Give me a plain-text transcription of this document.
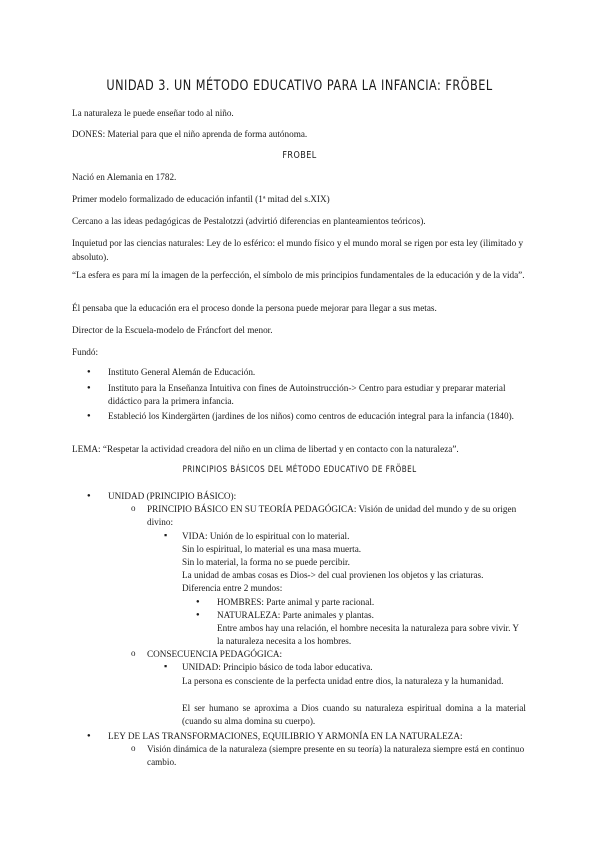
UNIDAD 3. UN MÉTODO EDUCATIVO PARA LA INFANCIA: FRÖBEL

La naturaleza le puede enseñar todo al niño.

DONES: Material para que el niño aprenda de forma autónoma.

FRÖBEL

Nació en Alemania en 1782.

Primer modelo formalizado de educación infantil (1ª mitad del s.XIX)

Cercano a las ideas pedagógicas de Pestalotzzi (advirtió diferencias en planteamientos teóricos).

Inquietud por las ciencias naturales: Ley de lo esférico: el mundo físico y el mundo moral se rigen por esta ley (ilimitado y absoluto).

“La esfera es para mí la imagen de la perfección, el símbolo de mis principios fundamentales de la educación y de la vida”.

Él pensaba que la educación era el proceso donde la persona puede mejorar para llegar a sus metas.

Director de la Escuela-modelo de Fráncfort del menor.

Fundó:

● Instituto General Alemán de Educación.

● Instituto para la Enseñanza Intuitiva con fines de Autoinstrucción-> Centro para estudiar y preparar material didáctico para la primera infancia.

● Estableció los Kindergärten (jardines de los niños) como centros de educación integral para la infancia (1840).

LEMA: “Respetar la actividad creadora del niño en un clima de libertad y en contacto con la naturaleza”.

PRINCIPIOS BÁSICOS DEL MÉTODO EDUCATIVO DE FRÖBEL

● UNIDAD (PRINCIPIO BÁSICO):

o PRINCIPIO BÁSICO EN SU TEORÍA PEDAGÓGICA: Visión de unidad del mundo y de su origen divino:

▪ VIDA: Unión de lo espiritual con lo material.

Sin lo espiritual, lo material es una masa muerta.

Sin lo material, la forma no se puede percibir.

La unidad de ambas cosas es Dios-> del cual provienen los objetos y las criaturas.

Diferencia entre 2 mundos:

● HOMBRES: Parte animal y parte racional.

● NATURALEZA: Parte animales y plantas.

Entre ambos hay una relación, el hombre necesita la naturaleza para sobre vivir. Y la naturaleza necesita a los hombres.

o CONSECUENCIA PEDAGÓGICA:

▪ UNIDAD: Principio básico de toda labor educativa.

La persona es consciente de la perfecta unidad entre dios, la naturaleza y la humanidad.

El ser humano se aproxima a Dios cuando su naturaleza espiritual domina a la material (cuando su alma domina su cuerpo).

● LEY DE LAS TRANSFORMACIONES, EQUILIBRIO Y ARMONÍA EN LA NATURALEZA:

o Visión dinámica de la naturaleza (siempre presente en su teoría) la naturaleza siempre está en continuo cambio.
